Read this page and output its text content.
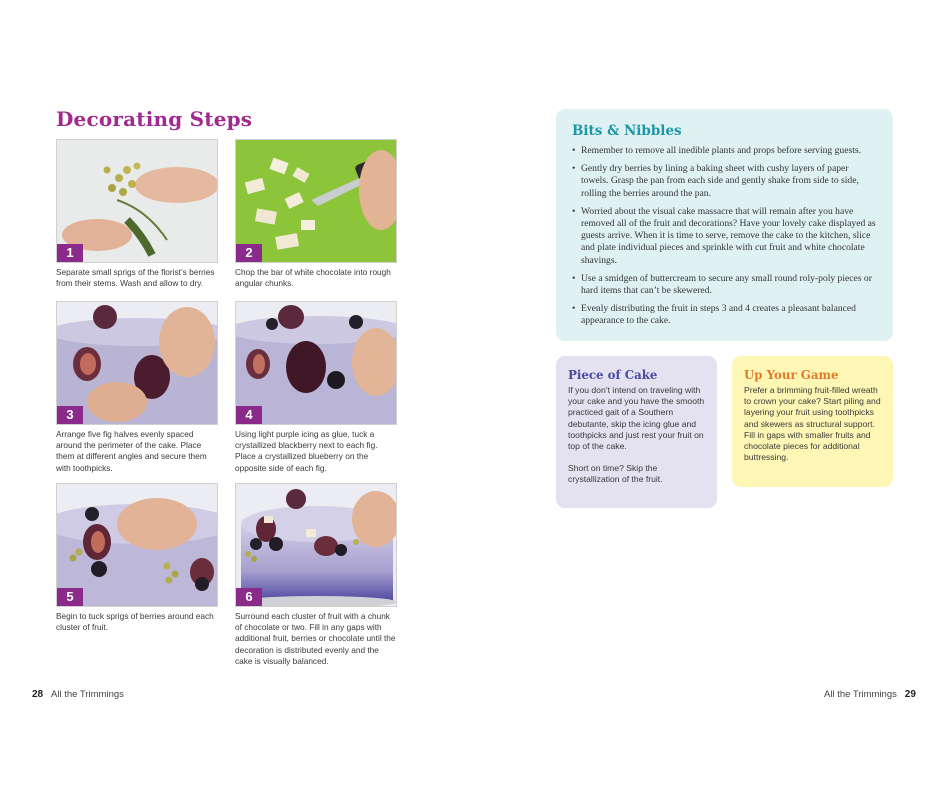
Decorating Steps
1

Separate small sprigs of the florist’s berries from their stems. Wash and allow to dry.

2

Chop the bar of white chocolate into rough angular chunks.

3

Arrange five fig halves evenly spaced around the perimeter of the cake. Place them at different angles and secure them with toothpicks.

4

Using light purple icing as glue, tuck a crystallized blackberry next to each fig. Place a crystallized blueberry on the opposite side of each fig.

5

Begin to tuck sprigs of berries around each cluster of fruit.

6

Surround each cluster of fruit with a chunk of chocolate or two. Fill in any gaps with additional fruit, berries or chocolate until the decoration is distributed evenly and the cake is visually balanced.

28 All the Trimmings
Bits & Nibbles
• Remember to remove all inedible plants and props before serving guests.
• Gently dry berries by lining a baking sheet with cushy layers of paper towels. Grasp the pan from each side and gently shake from side to side, rolling the berries around the pan.
• Worried about the visual cake massacre that will remain after you have removed all of the fruit and decorations? Have your lovely cake displayed as guests arrive. When it is time to serve, remove the cake to the kitchen, slice and plate individual pieces and sprinkle with cut fruit and white chocolate shavings.
• Use a smidgen of buttercream to secure any small round roly-poly pieces or hard items that can’t be skewered.
• Evenly distributing the fruit in steps 3 and 4 creates a pleasant balanced appearance to the cake.
Piece of Cake

If you don’t intend on traveling with your cake and you have the smooth practiced gait of a Southern debutante, skip the icing glue and toothpicks and just rest your fruit on top of the cake.

Short on time? Skip the crystallization of the fruit.

Up Your Game

Prefer a brimming fruit-filled wreath to crown your cake? Start piling and layering your fruit using toothpicks and skewers as structural support. Fill in gaps with smaller fruits and chocolate pieces for additional buttressing.

All the Trimmings 29
